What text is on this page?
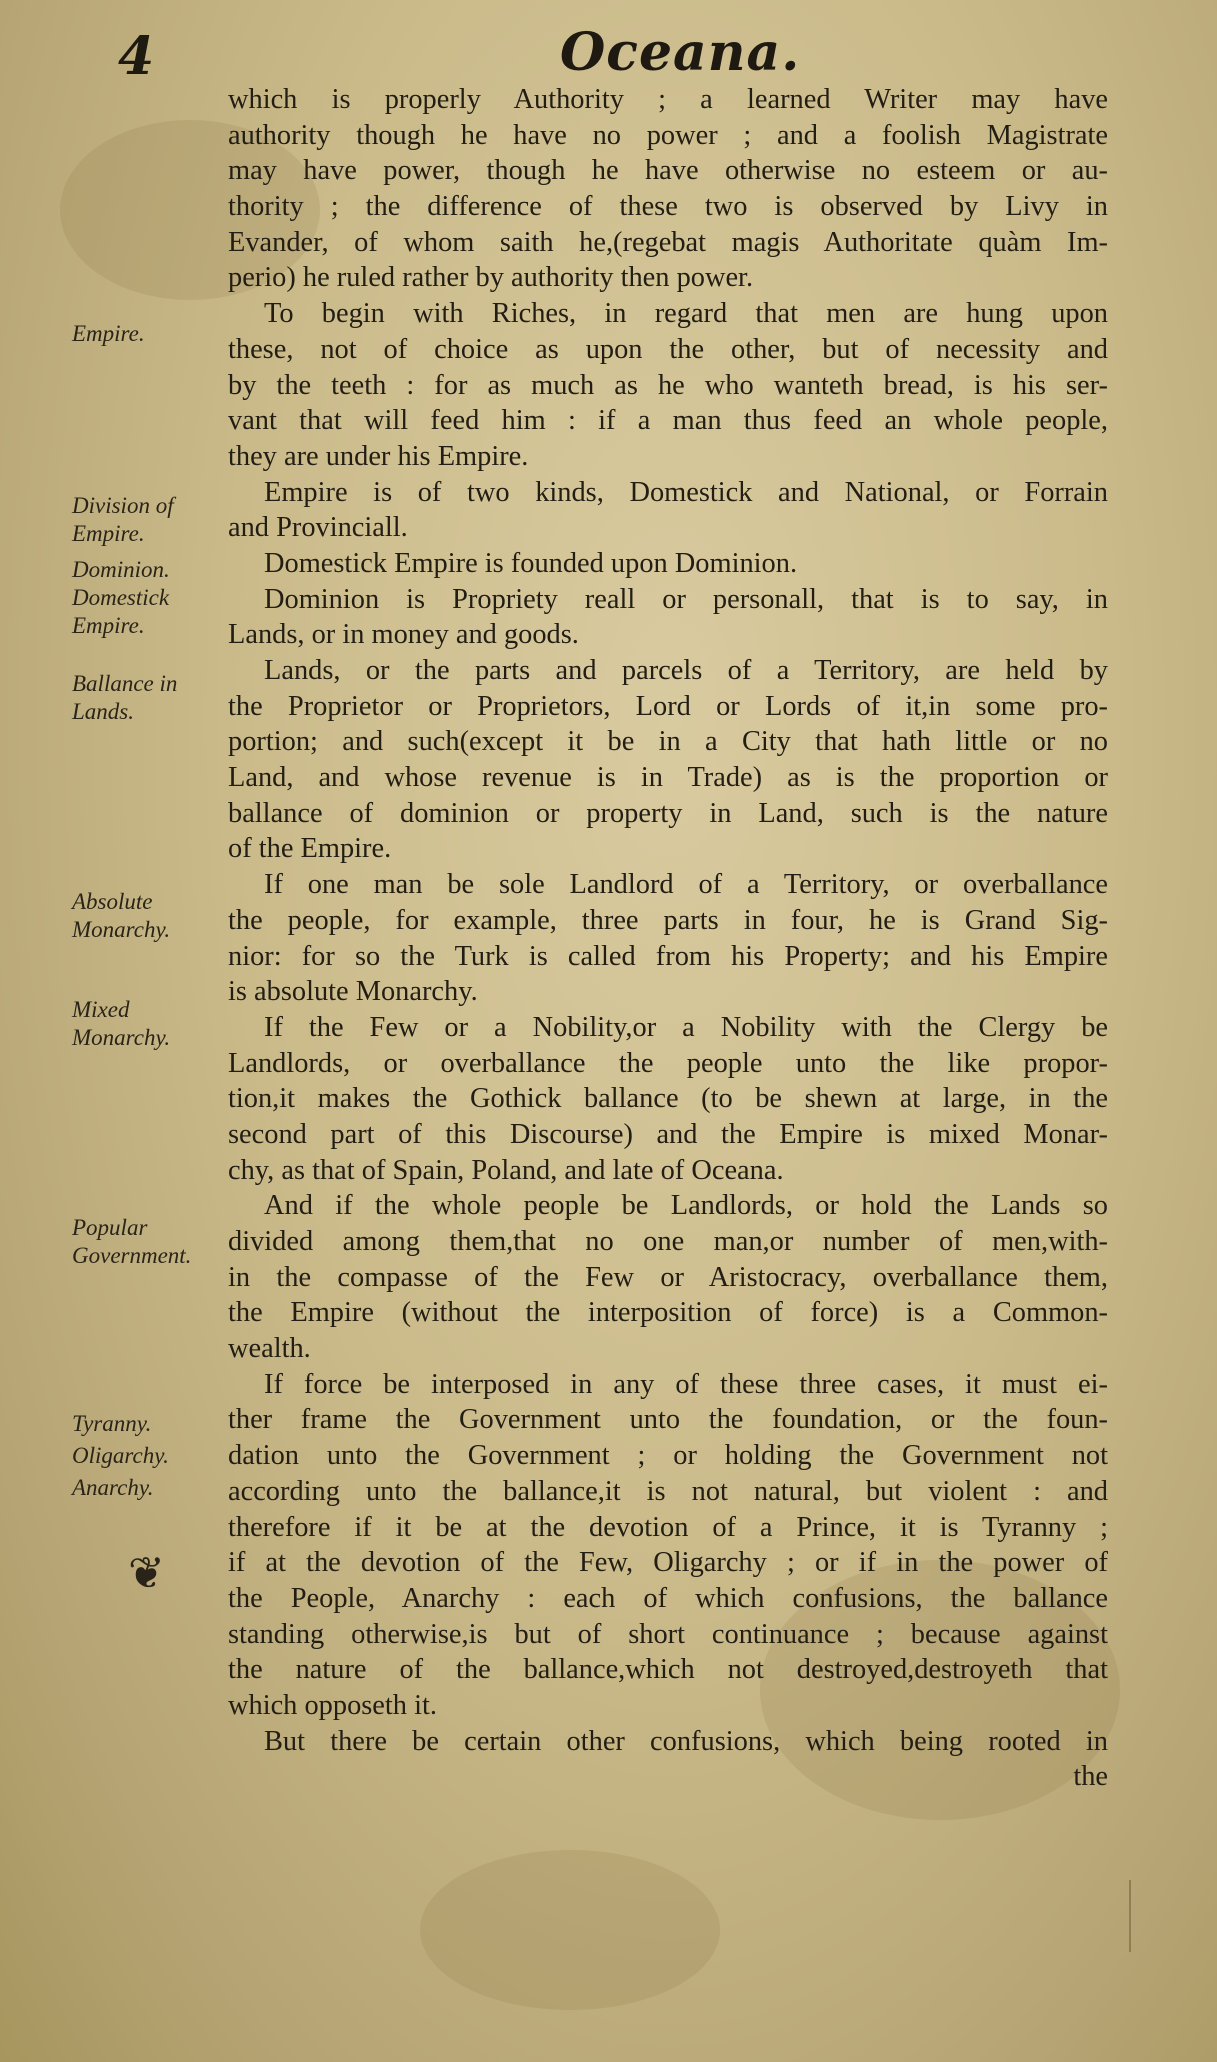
4	Oceana.
Empire.
Division of Empire.
Dominion.
Domestick Empire.
Ballance in Lands.
Absolute Monarchy.
Mixed Monarchy.
Popular Government.
Tyranny.
Oligarchy.
Anarchy.
❦
which is properly Authority ; a learned Writer may have
authority though he have no power ; and a foolish Magistrate
may have power, though he have otherwise no esteem or au-
thority ; the difference of these two is observed by Livy in
Evander, of whom saith he,(regebat magis Authoritate quàm Im-
perio) he ruled rather by authority then power.
To begin with Riches, in regard that men are hung upon
these, not of choice as upon the other, but of necessity and
by the teeth : for as much as he who wanteth bread, is his ser-
vant that will feed him : if a man thus feed an whole people,
they are under his Empire.
Empire is of two kinds, Domestick and National, or Forrain
and Provinciall.
Domestick Empire is founded upon Dominion.
Dominion is Propriety reall or personall, that is to say, in
Lands, or in money and goods.
Lands, or the parts and parcels of a Territory, are held by
the Proprietor or Proprietors, Lord or Lords of it,in some pro-
portion; and such(except it be in a City that hath little or no
Land, and whose revenue is in Trade) as is the proportion or
ballance of dominion or property in Land, such is the nature
of the Empire.
If one man be sole Landlord of a Territory, or overballance
the people, for example, three parts in four, he is Grand Sig-
nior: for so the Turk is called from his Property; and his Empire
is absolute Monarchy.
If the Few or a Nobility,or a Nobility with the Clergy be
Landlords, or overballance the people unto the like propor-
tion,it makes the Gothick ballance (to be shewn at large, in the
second part of this Discourse) and the Empire is mixed Monar-
chy, as that of Spain, Poland, and late of Oceana.
And if the whole people be Landlords, or hold the Lands so
divided among them,that no one man,or number of men,with-
in the compasse of the Few or Aristocracy, overballance them,
the Empire (without the interposition of force) is a Common-
wealth.
If force be interposed in any of these three cases, it must ei-
ther frame the Government unto the foundation, or the foun-
dation unto the Government ; or holding the Government not
according unto the ballance,it is not natural, but violent : and
therefore if it be at the devotion of a Prince, it is Tyranny ;
if at the devotion of the Few, Oligarchy ; or if in the power of
the People, Anarchy : each of which confusions, the ballance
standing otherwise,is but of short continuance ; because against
the nature of the ballance,which not destroyed,destroyeth that
which opposeth it.
But there be certain other confusions, which being rooted in
the
